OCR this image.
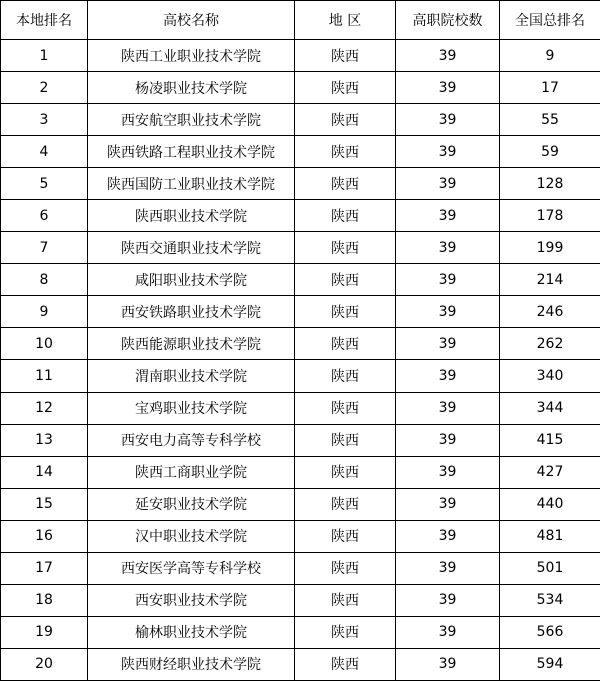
本地排名	高校名称	地 区	高职院校数	全国总排名
1	陕西工业职业技术学院	陕西	39	9
2	杨凌职业技术学院	陕西	39	17
3	西安航空职业技术学院	陕西	39	55
4	陕西铁路工程职业技术学院	陕西	39	59
5	陕西国防工业职业技术学院	陕西	39	128
6	陕西职业技术学院	陕西	39	178
7	陕西交通职业技术学院	陕西	39	199
8	咸阳职业技术学院	陕西	39	214
9	西安铁路职业技术学院	陕西	39	246
10	陕西能源职业技术学院	陕西	39	262
11	渭南职业技术学院	陕西	39	340
12	宝鸡职业技术学院	陕西	39	344
13	西安电力高等专科学校	陕西	39	415
14	陕西工商职业学院	陕西	39	427
15	延安职业技术学院	陕西	39	440
16	汉中职业技术学院	陕西	39	481
17	西安医学高等专科学校	陕西	39	501
18	西安职业技术学院	陕西	39	534
19	榆林职业技术学院	陕西	39	566
20	陕西财经职业技术学院	陕西	39	594
